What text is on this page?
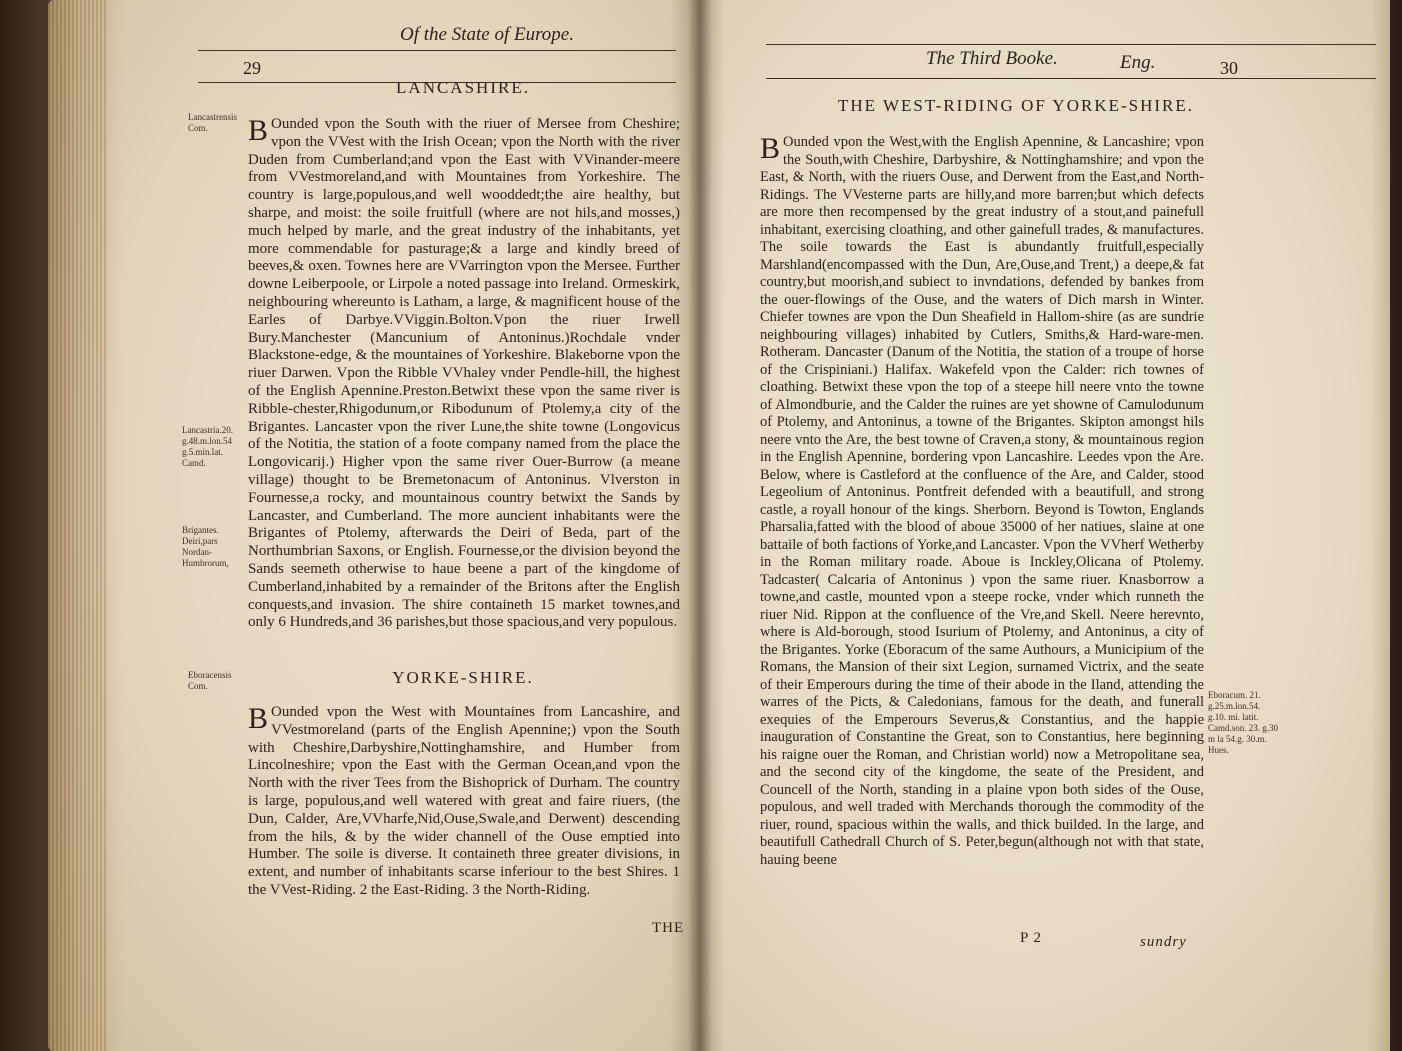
Of the State of Europe.
29
Lancastrensis Com.
LANCASHIRE.
B Ounded vpon the South with the riuer of Mersee from Cheshire; vpon the VVest with the Irish Ocean; vpon the North with the river Duden from Cumberland;and vpon the East with VVinander-meere from VVestmoreland,and with Mountaines from Yorkeshire. The country is large,populous,and well wooddedt;the aire healthy, but sharpe, and moist: the soile fruitfull (where are not hils,and mosses,) much helped by marle, and the great industry of the inhabitants, yet more commendable for pasturage;& a large and kindly breed of beeves,& oxen. Townes here are VVarrington vpon the Mersee. Further downe Leiberpoole, or Lirpole a noted passage into Ireland. Ormeskirk, neighbouring whereunto is Latham, a large, & magnificent house of the Earles of Darbye.VViggin.Bolton.Vpon the riuer Irwell Bury.Manchester (Mancunium of Antoninus.)Rochdale vnder Blackstone-edge, & the mountaines of Yorkeshire. Blakeborne vpon the riuer Darwen. Vpon the Ribble VVhaley vnder Pendle-hill, the highest of the English Apennine.Preston.Betwixt these vpon the same river is Ribble-chester,Rhigodunum,or Ribodunum of Ptolemy,a city of the Brigantes. Lancaster vpon the river Lune,the shite towne (Longovicus of the Notitia, the station of a foote company named from the place the Longovicarij.) Higher vpon the same river Ouer-Burrow (a meane village) thought to be Bremetonacum of Antoninus. Vlverston in Fournesse,a rocky, and mountainous country betwixt the Sands by Lancaster, and Cumberland. The more auncient inhabitants were the Brigantes of Ptolemy, afterwards the Deiri of Beda, part of the Northumbrian Saxons, or English. Fournesse,or the division beyond the Sands seemeth otherwise to haue beene a part of the kingdome of Cumberland,inhabited by a remainder of the Britons after the English conquests,and invasion. The shire containeth 15 market townes,and only 6 Hundreds,and 36 parishes,but those spacious,and very populous.
Lancastria.20. g.48.m.lon.54 g.5.min.lat. Camd.
Brigantes. Deiri,pars Nordan-Humbrorum,
Eboracensis Com.	YORKE-SHIRE.
B Ounded vpon the West with Mountaines from Lancashire, and VVestmoreland (parts of the English Apennine;) vpon the South with Cheshire,Darbyshire,Nottinghamshire, and Humber from Lincolneshire; vpon the East with the German Ocean,and vpon the North with the river Tees from the Bishoprick of Durham. The country is large, populous,and well watered with great and faire riuers, (the Dun, Calder, Are,VVharfe,Nid,Ouse,Swale,and Derwent) descending from the hils, & by the wider channell of the Ouse emptied into Humber. The soile is diverse. It containeth three greater divisions, in extent, and number of inhabitants scarse inferiour to the best Shires. 1 the VVest-Riding. 2 the East-Riding. 3 the North-Riding.
THE
The Third Booke.	Eng.	30
THE WEST-RIDING OF YORKE-SHIRE.
B Ounded vpon the West,with the English Apennine, & Lancashire; vpon the South,with Cheshire, Darbyshire, & Nottinghamshire; and vpon the East, & North, with the riuers Ouse, and Derwent from the East,and North-Ridings. The VVesterne parts are hilly,and more barren;but which defects are more then recompensed by the great industry of a stout,and painefull inhabitant, exercising cloathing, and other gainefull trades, & manufactures. The soile towards the East is abundantly fruitfull,especially Marshland(encompassed with the Dun, Are,Ouse,and Trent,) a deepe,& fat country,but moorish,and subiect to invndations, defended by bankes from the ouer-flowings of the Ouse, and the waters of Dich marsh in Winter. Chiefer townes are vpon the Dun Sheafield in Hallom-shire (as are sundrie neighbouring villages) inhabited by Cutlers, Smiths,& Hard-ware-men. Rotheram. Dancaster (Danum of the Notitia, the station of a troupe of horse of the Crispiniani.) Halifax. Wakefeld vpon the Calder: rich townes of cloathing. Betwixt these vpon the top of a steepe hill neere vnto the towne of Almondburie, and the Calder the ruines are yet showne of Camulodunum of Ptolemy, and Antoninus, a towne of the Brigantes. Skipton amongst hils neere vnto the Are, the best towne of Craven,a stony, & mountainous region in the English Apennine, bordering vpon Lancashire. Leedes vpon the Are. Below, where is Castleford at the confluence of the Are, and Calder, stood Legeolium of Antoninus. Pontfreit defended with a beautifull, and strong castle, a royall honour of the kings. Sherborn. Beyond is Towton, Englands Pharsalia,fatted with the blood of aboue 35000 of her natiues, slaine at one battaile of both factions of Yorke,and Lancaster. Vpon the VVherf Wetherby in the Roman military roade. Aboue is Inckley,Olicana of Ptolemy. Tadcaster( Calcaria of Antoninus ) vpon the same riuer. Knasborrow a towne,and castle, mounted vpon a steepe rocke, vnder which runneth the riuer Nid. Rippon at the confluence of the Vre,and Skell. Neere herevnto, where is Ald-borough, stood Isurium of Ptolemy, and Antoninus, a city of the Brigantes. Yorke (Eboracum of the same Authours, a Municipium of the Romans, the Mansion of their sixt Legion, surnamed Victrix, and the seate of their Emperours during the time of their abode in the Iland, attending the warres of the Picts, & Caledonians, famous for the death, and funerall exequies of the Emperours Severus,& Constantius, and the happie inauguration of Constantine the Great, son to Constantius, here beginning his raigne ouer the Roman, and Christian world) now a Metropolitane sea, and the second city of the kingdome, the seate of the President, and Councell of the North, standing in a plaine vpon both sides of the Ouse, populous, and well traded with Merchands thorough the commodity of the riuer, round, spacious within the walls, and thick builded. In the large, and beautifull Cathedrall Church of S. Peter,begun(although not with that state, hauing beene
Eboracum. 21. g.25.m.lon.54. g.10. mi. latit. Camd.son. 23. g.30 m la 54.g. 30.m. Hues.
P 2	sundry
